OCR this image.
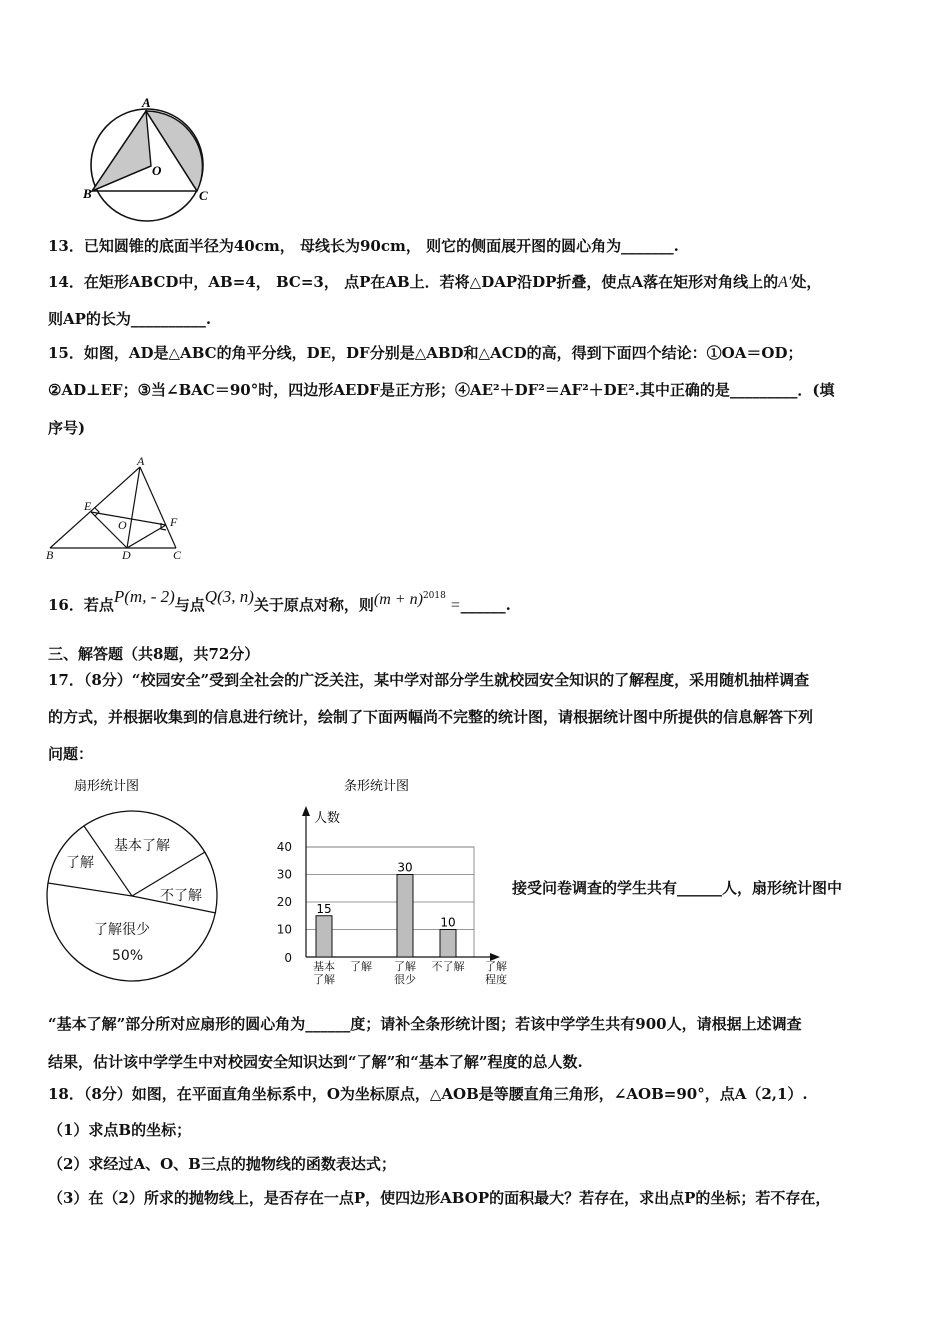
A
B	C
O
13．已知圆锥的底面半径为40cm， 母线长为90cm， 则它的侧面展开图的圆心角为_______.
14．在矩形ABCD中，AB=4， BC=3， 点P在AB上．若将△DAP沿DP折叠，使点A落在矩形对角线上的A′处，
则AP的长为__________.
15．如图，AD是△ABC的角平分线，DE，DF分别是△ABD和△ACD的高，得到下面四个结论：①OA＝OD；
②AD⊥EF；③当∠BAC＝90°时，四边形AEDF是正方形；④AE²＋DF²＝AF²＋DE².其中正确的是_________．(填
序号)
A
E
O	F
B	D	C
16．若点P(m, - 2)与点Q(3, n)关于原点对称，则$(m + n)^{2018}$ =______.
三、解答题（共8题，共72分）
17．（8分）“校园安全”受到全社会的广泛关注，某中学对部分学生就校园安全知识的了解程度，采用随机抽样调查
的方式，并根据收集到的信息进行统计，绘制了下面两幅尚不完整的统计图，请根据统计图中所提供的信息解答下列
问题：
扇形统计图
基本了解
了解
不了解
了解很少
50%
条形统计图
人数
0
10
20
30
40
15
30
10
基本
了解
了解 了解
很少
不了解 了解
程度
接受问卷调查的学生共有______人，扇形统计图中
“基本了解”部分所对应扇形的圆心角为______度；请补全条形统计图；若该中学学生共有900人，请根据上述调查
结果，估计该中学学生中对校园安全知识达到“了解”和“基本了解”程度的总人数.
18．（8分）如图，在平面直角坐标系中，O为坐标原点，△AOB是等腰直角三角形，∠AOB=90°，点A（2,1）.
（1）求点B的坐标；
（2）求经过A、O、B三点的抛物线的函数表达式；
（3）在（2）所求的抛物线上，是否存在一点P，使四边形ABOP的面积最大？若存在，求出点P的坐标；若不存在，
